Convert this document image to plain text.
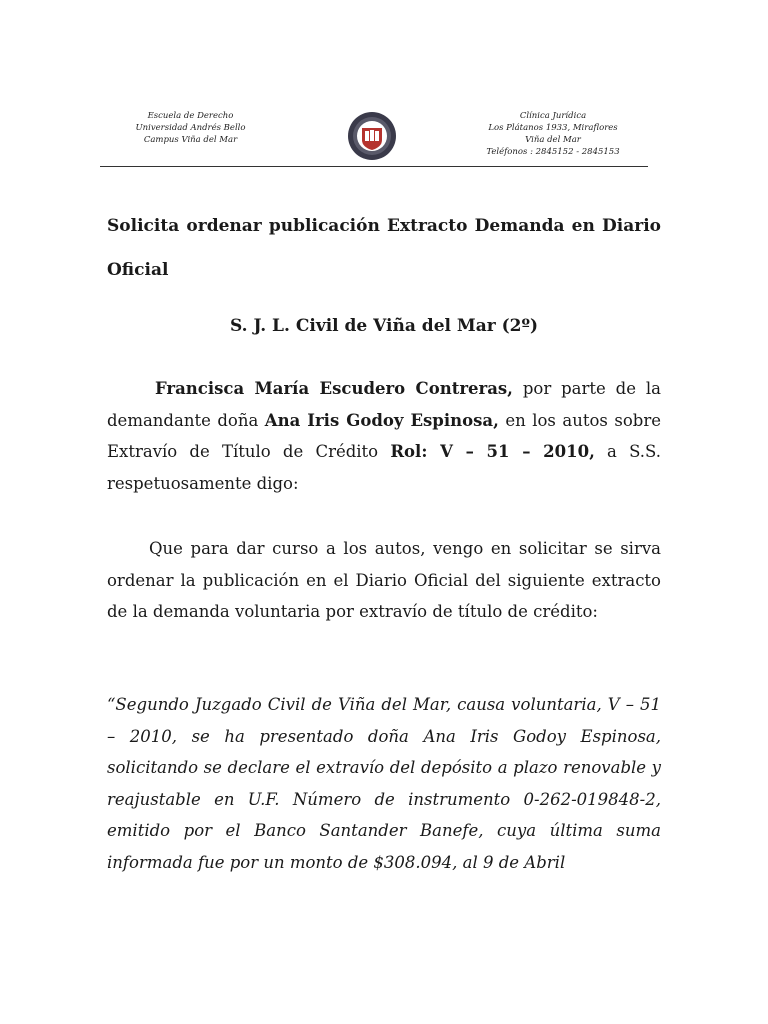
Escuela de Derecho
Universidad Andrés Bello
Campus Viña del Mar
Clínica Jurídica
Los Plátanos 1933, Miraflores
Viña del Mar
Teléfonos : 2845152 - 2845153
Solicita ordenar publicación Extracto Demanda en Diario Oficial
S. J. L. Civil de Viña del Mar (2º)
Francisca María Escudero Contreras, por parte de la demandante doña Ana Iris Godoy Espinosa, en los autos sobre Extravío de Título de Crédito Rol: V – 51 – 2010, a S.S. respetuosamente digo:
Que para dar curso a los autos, vengo en solicitar se sirva ordenar la publicación en el Diario Oficial del siguiente extracto de la demanda voluntaria por extravío de título de crédito:
“Segundo Juzgado Civil de Viña del Mar, causa voluntaria, V – 51 – 2010, se ha presentado doña Ana Iris Godoy Espinosa, solicitando se declare el extravío del depósito a plazo renovable y reajustable en U.F. Número de instrumento 0-262-019848-2, emitido por el Banco Santander Banefe, cuya última suma informada fue por un monto de $308.094, al 9 de Abril
